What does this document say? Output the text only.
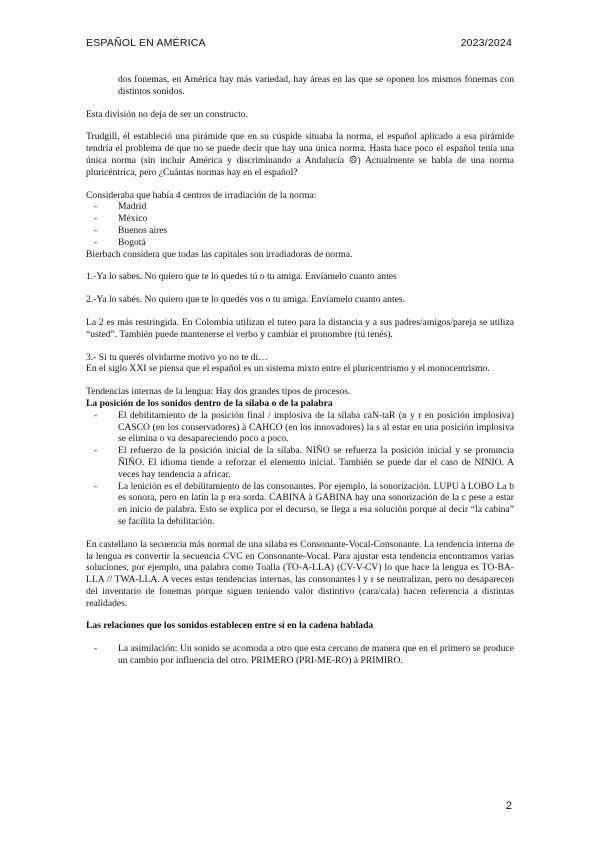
ESPAÑOL EN AMÉRICA	2023/2024

dos fonemas, en América hay más variedad, hay áreas en las que se oponen los mismos fonemas con distintos sonidos.

Esta división no deja de ser un constructo.

Trudgill, él estableció una pirámide que en su cúspide situaba la norma, el español aplicado a esa pirámide tendría el problema de que no se puede decir que hay una única norma. Hasta hace poco el español tenía una única norma (sin incluir América y discriminando a Andalucía ☹) Actualmente se habla de una norma pluricéntrica, pero ¿Cuántas normas hay en el español?

Consideraba que había 4 centros de irradiación de la norma:

- Madrid
- México
- Buenos aires
- Bogotá

Bierbach considera que todas las capitales son irradiadoras de norma.

1.-Ya lo sabes. No quiero que te lo quedes tú o tu amiga. Envíamelo cuanto antes

2.-Ya lo sabés. No quiero que te lo quedés vos o tu amiga. Envíamelo cuanto antes.

La 2 es más restringida. En Colombia utilizan el tuteo para la distancia y a sus padres/amigos/pareja se utiliza “usted”. También puede mantenerse el verbo y cambiar el pronombre (tú tenés).

3.- Si tu querés olvidarme motivo yo no te di…

En el siglo XXI se piensa que el español es un sistema mixto entre el pluricentrismo y el monocentrismo.

Tendencias internas de la lengua: Hay dos grandes tipos de procesos.

La posición de los sonidos dentro de la sílaba o de la palabra

- El debilitamiento de la posición final / implosiva de la sílaba caN-taR (n y r en posición implosiva) CASCO (en los conservadores) à CAHCO (en los innovadores) la s al estar en una posición implosiva se elimina o va desapareciendo poco a poco.
- El refuerzo de la posición inicial de la sílaba. NIÑO se refuerza la posición inicial y se pronuncia ÑIÑO. El idioma tiende a reforzar el elemento inicial. También se puede dar el caso de NINIO. A veces hay tendencia a africar.
- La lenición es el debilitamiento de las consonantes. Por ejemplo, la sonorización. LUPU à LOBO La b es sonora, pero en latín la p era sorda. CABINA à GABINA hay una sonorización de la c pese a estar en inicio de palabra. Esto se explica por el decurso, se llega a esa solución porque al decir “la cabina” se facilita la debilitación.

En castellano la secuencia más normal de una sílaba es Consonante-Vocal-Consonante. La tendencia interna de la lengua es convertir la secuencia CVC en Consonante-Vocal. Para ajustar esta tendencia encontramos varias soluciones, por ejemplo, una palabra como Toalla (TO-A-LLA) (CV-V-CV) lo que hace la lengua es TO-BA-LLA // TWA-LLA. A veces estas tendencias internas, las consonantes l y r se neutralizan, pero no desaparecen del inventario de fonemas porque siguen teniendo valor distintivo (cara/cala) hacen referencia a distintas realidades.

Las relaciones que los sonidos establecen entre sí en la cadena hablada

- La asimilación: Un sonido se acomoda a otro que esta cercano de manera que en el primero se produce un cambio por influencia del otro. PRIMERO (PRI-ME-RO) à PRIMIRO.
2
